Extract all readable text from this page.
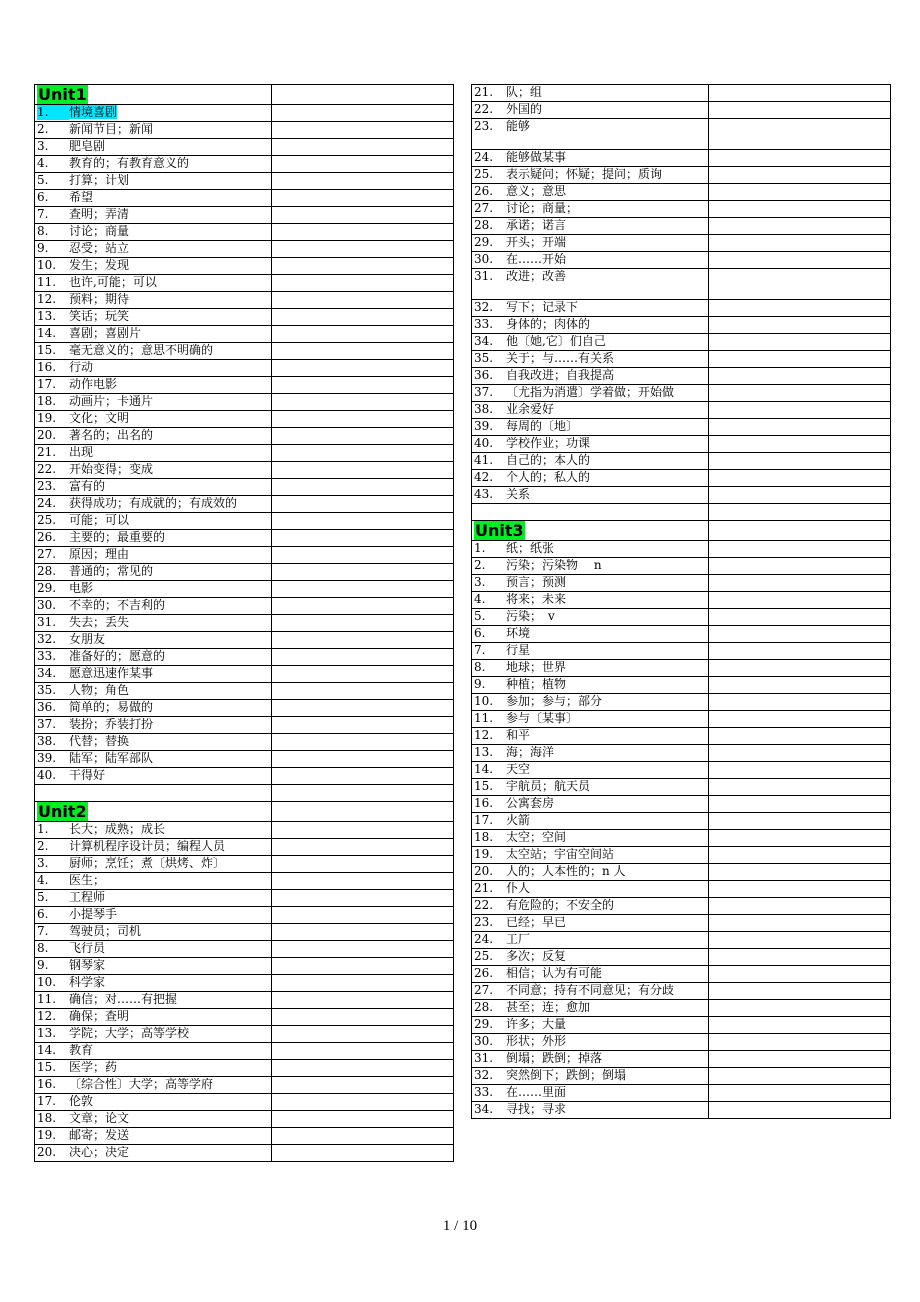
Unit1	
1. 情境喜剧	
2. 新闻节目；新闻	
3. 肥皂剧	
4. 教育的；有教育意义的	
5. 打算；计划	
6. 希望	
7. 查明；弄清	
8. 讨论；商量	
9. 忍受；站立	
10. 发生；发现	
11. 也许,可能；可以	
12. 预料；期待	
13. 笑话；玩笑	
14. 喜剧；喜剧片	
15. 毫无意义的；意思不明确的	
16. 行动	
17. 动作电影	
18. 动画片；卡通片	
19. 文化；文明	
20. 著名的；出名的	
21. 出现	
22. 开始变得；变成	
23. 富有的	
24. 获得成功；有成就的；有成效的	
25. 可能；可以	
26. 主要的；最重要的	
27. 原因；理由	
28. 普通的；常见的	
29. 电影	
30. 不幸的；不吉利的	
31. 失去；丢失	
32. 女朋友	
33. 准备好的；愿意的	
34. 愿意迅速作某事	
35. 人物；角色	
36. 简单的；易做的	
37. 装扮；乔装打扮	
38. 代替；替换	
39. 陆军；陆军部队	
40. 干得好	

Unit2	
1. 长大；成熟；成长	
2. 计算机程序设计员；编程人员	
3. 厨师；烹饪；煮〔烘烤、炸〕	
4. 医生；	
5. 工程师	
6. 小提琴手	
7. 驾驶员；司机	
8. 飞行员	
9. 钢琴家	
10. 科学家	
11. 确信；对……有把握	
12. 确保；查明	
13. 学院；大学；高等学校	
14. 教育	
15. 医学；药	
16. 〔综合性〕大学；高等学府	
17. 伦敦	
18. 文章；论文	
19. 邮寄；发送	
20. 决心；决定	
21. 队；组	
22. 外国的	
23. 能够	
24. 能够做某事	
25. 表示疑问；怀疑；提问；质询	
26. 意义；意思	
27. 讨论；商量；	
28. 承诺；诺言	
29. 开头；开端	
30. 在……开始	
31. 改进；改善	
32. 写下；记录下	
33. 身体的；肉体的	
34. 他〔她,它〕们自己	
35. 关于；与……有关系	
36. 自我改进；自我提高	
37. 〔尤指为消遣〕学着做；开始做	
38. 业余爱好	
39. 每周的〔地〕	
40. 学校作业；功课	
41. 自己的；本人的	
42. 个人的；私人的	
43. 关系	

Unit3	
1. 纸；纸张	
2. 污染；污染物　 n	
3. 预言；预测	
4. 将来；未来	
5. 污染；　v	
6. 环境	
7. 行星	
8. 地球；世界	
9. 种植；植物	
10. 参加；参与；部分	
11. 参与〔某事〕	
12. 和平	
13. 海；海洋	
14. 天空	
15. 宇航员；航天员	
16. 公寓套房	
17. 火箭	
18. 太空；空间	
19. 太空站；宇宙空间站	
20. 人的；人本性的；n 人	
21. 仆人	
22. 有危险的；不安全的	
23. 已经；早已	
24. 工厂	
25. 多次；反复	
26. 相信；认为有可能	
27. 不同意；持有不同意见；有分歧	
28. 甚至；连；愈加	
29. 许多；大量	
30. 形状；外形	
31. 倒塌；跌倒；掉落	
32. 突然倒下；跌倒；倒塌	
33. 在……里面	
34. 寻找；寻求	
1 / 10
